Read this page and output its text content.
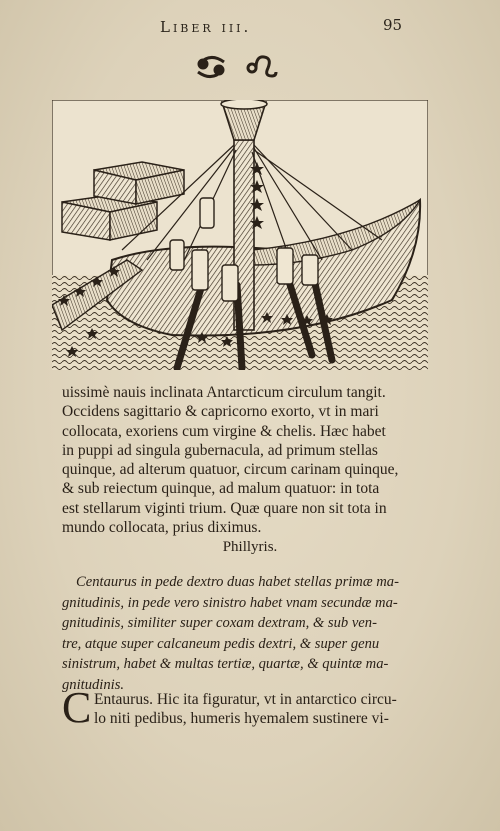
Liber iii.	95
uissimè nauis inclinata Antarcticum circulum tangit.
Occidens sagittario & capricorno exorto, vt in mari
collocata, exoriens cum virgine & chelis. Hæc habet
in puppi ad singula gubernacula, ad primum stellas
quinque, ad alterum quatuor, circum carinam quinque,
& sub reiectum quinque, ad malum quatuor: in tota
est stellarum viginti trium. Quæ quare non sit tota in
mundo collocata, prius diximus.
Phillyris.
Centaurus in pede dextro duas habet stellas primæ ma-
gnitudinis, in pede vero sinistro habet vnam secundæ ma-
gnitudinis, similiter super coxam dextram, & sub ven-
tre, atque super calcaneum pedis dextri, & super genu
sinistrum, habet & multas tertiæ, quartæ, & quintæ ma-
gnitudinis.
C Entaurus. Hic ita figuratur, vt in antarctico circu-
lo niti pedibus, humeris hyemalem sustinere vi-
